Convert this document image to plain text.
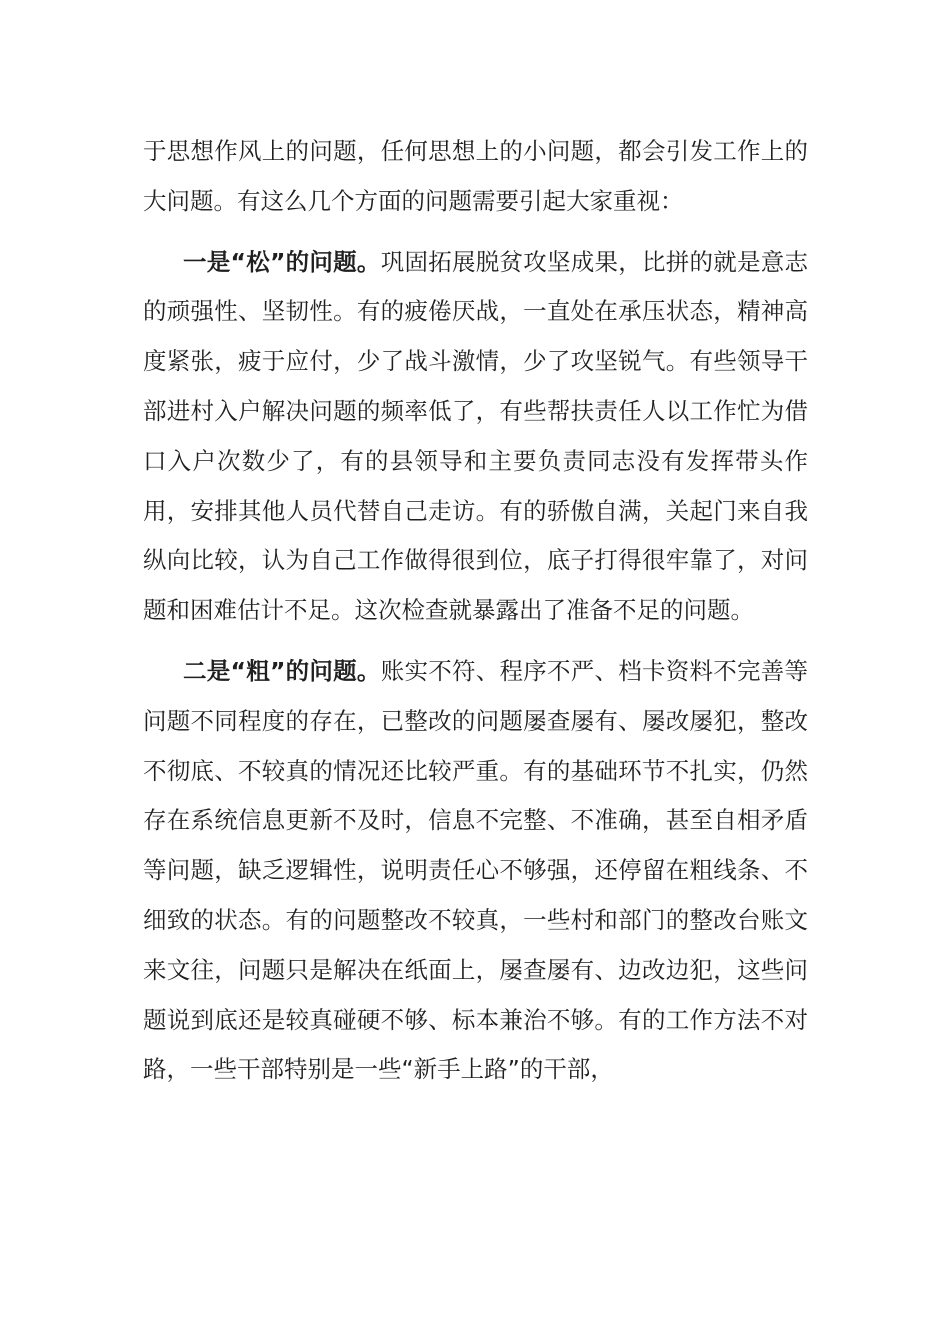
于思想作风上的问题，任何思想上的小问题，都会引发工作上的大问题。有这么几个方面的问题需要引起大家重视：

一是“松”的问题。巩固拓展脱贫攻坚成果，比拼的就是意志的顽强性、坚韧性。有的疲倦厌战，一直处在承压状态，精神高度紧张，疲于应付，少了战斗激情，少了攻坚锐气。有些领导干部进村入户解决问题的频率低了，有些帮扶责任人以工作忙为借口入户次数少了，有的县领导和主要负责同志没有发挥带头作用，安排其他人员代替自己走访。有的骄傲自满，关起门来自我纵向比较，认为自己工作做得很到位，底子打得很牢靠了，对问题和困难估计不足。这次检查就暴露出了准备不足的问题。

二是“粗”的问题。账实不符、程序不严、档卡资料不完善等问题不同程度的存在，已整改的问题屡查屡有、屡改屡犯，整改不彻底、不较真的情况还比较严重。有的基础环节不扎实，仍然存在系统信息更新不及时，信息不完整、不准确，甚至自相矛盾等问题，缺乏逻辑性，说明责任心不够强，还停留在粗线条、不细致的状态。有的问题整改不较真，一些村和部门的整改台账文来文往，问题只是解决在纸面上，屡查屡有、边改边犯，这些问题说到底还是较真碰硬不够、标本兼治不够。有的工作方法不对路，一些干部特别是一些“新手上路”的干部，
